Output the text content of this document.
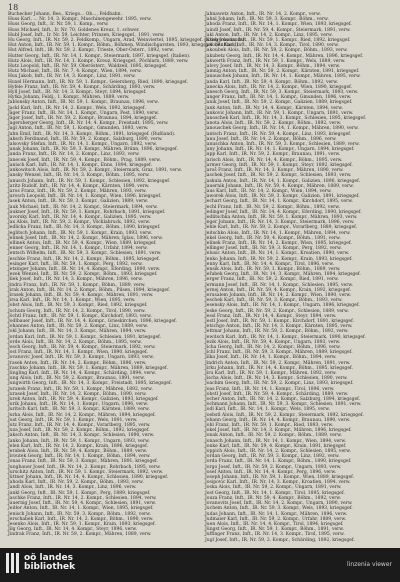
18
Buchecker Johann, Bes., Kriegs... Ob..., Feldbahn.
Huss Karl, ... Nr. 14, 3. Kompr., Maschinengewehr. 1895, verw.
Huss Georg, Inft., Ir. Nr. 59, 1. Komp., verw.
Huss Michael, Inft., Ir. Nr. 70, Goldenes Kreuz, 1. schwer.
Hubl Josef, Inft., Ir. Nr. 59, Leichter, Prinzen, Kriegsgef., 1891, verw.
Hu Georg, Inft., IR. Nr. 59, 2. Feldkomp., Ungarn, Arad, Weinviertel, 1895, kriegsgef. (Kriegsrusslands).
Hut Anton, Inft., IR. Nr. 59, 1. Kompr., Böhm., Böhmen, Windischgarsten, 1893, kriegsgef. (Rußland).
Hut Alfred, Inft., IR. Nr. 59, 2. Kompr., Trieste, Ober-Österr., 1892, verw.
Hutter Georg, Inft., IR. Nr. 14, 1. Kompr., Steiermark, 1897, kriegsgef. (Italien).
Hutz Alois, Inft., IR. Nr. 14, 1. Kompr., Kreuz, Kriegsgef., Pöchlarn, 1889, verw.
Hutz Leopold, Inft., IR. Nr. 59, Oberösterr., Waldzell, 1895, kriegsgef.
Hutz Michael, Inft., IR. Nr. 7, 4. Kompr., Wien, 1894, verw.
Hux Jakob, Inft., IR. Nr. 14, 3. Kompr., Linz, 1891, verw.
Huxel Hermann, Inft., IR. Nr. 59, 1. Kompr., Geiersberg, Ried, 1890, kriegsgef.
Hyfele Franz, Inft., IR. Nr. 59, 4. Kompr., Schärding, 1893, verw.
Hyll Josef, Inft., IR. Nr. 14, 3. Kompr., Steyr, 1894, kriegsgef.
Hytka Johann, Feldj., 1. Kompr., Mähren, 1889, verw.
Jablonsky Anton, Inft., IR. Nr. 59, 1. Kompr., Braunau, 1896, verw.
Jackl Karl, Inft., IR. Nr. 14, 2. Kompr., Wels, 1892, kriegsgef.
Jäger Franz, Inft., IR. Nr. 14, 1. Kompr., Ungarn, Pest, 1890, verw.
Jäger Josef, Inft., IR. Nr. 59, 2. Kompr., Braunau, 1894, kriegsgef.
Jagersberger Georg, Inft., IR. Nr. 14, 4. Kompr., Freistadt, 1895, verw.
Jagl Anton, Inft., IR. Nr. 59, 1. Kompr., Gmunden, 1893, verw.
Jahn Emil, Inft., IR. Nr. 14, 3. Kompr., Böhm., 1891, kriegsgef. (Rußland).
Jaksch Ferdinand, Inft., IR. Nr. 59, 2. Kompr., Salzburg, 1890, verw.
Jalsovsky Stefan, Inft., IR. Nr. 14, 1. Kompr., Ungarn, 1892, verw.
Janak Johann, Inft., IR. Nr. 59, 3. Kompr., Mähren, Brünn, 1896, kriegsgef.
Janda Franz, Inft., IR. Nr. 14, 2. Kompr., Linz, 1893, verw.
Janecek Josef, Inft., IR. Nr. 59, 4. Kompr., Böhm., Prag, 1889, verw.
Janisch Karl, Inft., IR. Nr. 14, 1. Kompr., Enns, 1894, kriegsgef.
Jankowitsch Alois, Inft., IR. Nr. 59, 2. Kompr., Steiermark, Graz, 1891, verw.
Jansky Wenzel, Inft., IR. Nr. 14, 3. Kompr., Böhm., 1895, verw.
Janusch Johann, Inft., IR. Nr. 59, 1. Kompr., Schlesien, 1892, kriegsgef.
Jaritz Rudolf, Inft., IR. Nr. 14, 4. Kompr., Kärnten, 1890, verw.
Jaros Franz, Inft., IR. Nr. 59, 2. Kompr., Mähren, 1893, verw.
Jarosch Leopold, Inft., IR. Nr. 14, 1. Kompr., Wien, 1896, kriegsgef.
Jasek Anton, Inft., IR. Nr. 59, 3. Kompr., Galizien, 1889, verw.
Jauk Michael, Inft., IR. Nr. 14, 2. Kompr., Steiermark, 1894, verw.
Jaukner Josef, Inft., IR. Nr. 59, 1. Kompr., Rohrbach, 1891, kriegsgef.
Javorsky Karl, Inft., IR. Nr. 14, 4. Kompr., Galizien, 1895, verw.
Jax Alois, Inft., IR. Nr. 59, 2. Kompr., Vöcklabruck, 1892, verw.
Jedlicka Franz, Inft., IR. Nr. 14, 3. Kompr., Böhm., 1890, kriegsgef.
Jeglitsch Johann, Inft., IR. Nr. 59, 1. Kompr., Krain, 1893, verw.
Jelinek Josef, Inft., IR. Nr. 14, 2. Kompr., Mähren, Iglau, 1896, verw.
Jellinek Anton, Inft., IR. Nr. 59, 4. Kompr., Wien, 1889, kriegsgef.
Jenner Georg, Inft., IR. Nr. 14, 1. Kompr., Urfahr, 1894, verw.
Jentsch Wilhelm, Inft., IR. Nr. 59, 3. Kompr., Schlesien, 1891, verw.
Jeschke Franz, Inft., IR. Nr. 14, 2. Kompr., Böhm., 1895, kriegsgef.
Jesinger Karl, Inft., IR. Nr. 59, 1. Kompr., Perg, 1892, verw.
Jetzinger Johann, Inft., IR. Nr. 14, 4. Kompr., Eferding, 1890, verw.
Jezek Wenzel, Inft., IR. Nr. 59, 2. Kompr., Böhm., 1893, kriegsgef.
Jilek Josef, Inft., IR. Nr. 14, 3. Kompr., Mähren, 1896, verw.
Jindra Franz, Inft., IR. Nr. 59, 1. Kompr., Böhm., 1889, verw.
Jirak Anton, Inft., IR. Nr. 14, 2. Kompr., Böhm., Pilsen, 1894, kriegsgef.
Jirasek Johann, Inft., IR. Nr. 59, 4. Kompr., Mähren, 1891, verw.
Jirsa Karl, Inft., IR. Nr. 14, 1. Kompr., Wien, 1895, verw.
Jobst Alois, Inft., IR. Nr. 59, 3. Kompr., Ried, 1892, kriegsgef.
Jochum Georg, Inft., IR. Nr. 14, 2. Kompr., Tirol, 1890, verw.
Jöchtl Franz, Inft., IR. Nr. 59, 1. Kompr., Kirchdorf, 1893, verw.
Jodlbauer Josef, Inft., IR. Nr. 14, 4. Kompr., Grieskirchen, 1896, kriegsgef.
Johannes Anton, Inft., IR. Nr. 59, 2. Kompr., Linz, 1889, verw.
Jokl Johann, Inft., IR. Nr. 14, 3. Kompr., Mähren, 1894, verw.
Jordan Karl, Inft., IR. Nr. 59, 1. Kompr., Schlesien, 1891, kriegsgef.
Jorde Alois, Inft., IR. Nr. 14, 2. Kompr., Böhm., 1895, verw.
Josch Georg, Inft., IR. Nr. 59, 4. Kompr., Steiermark, 1892, verw.
Jost Franz, Inft., IR. Nr. 14, 1. Kompr., Wien, 1890, kriegsgef.
Jovanovic Josef, Inft., IR. Nr. 59, 3. Kompr., Ungarn, 1893, verw.
Jrasek Anton, Inft., IR. Nr. 14, 2. Kompr., Böhm., 1896, verw.
Jraschko Johann, Inft., IR. Nr. 59, 1. Kompr., Mähren, 1889, kriegsgef.
Jüngling Karl, Inft., IR. Nr. 14, 4. Kompr., Schärding, 1894, verw.
Jung Alois, Inft., IR. Nr. 59, 2. Kompr., Braunau, 1891, verw.
Jungwirth Georg, Inft., IR. Nr. 14, 3. Kompr., Freistadt, 1895, kriegsgef.
Juranek Franz, Inft., IR. Nr. 59, 1. Kompr., Mähren, 1892, verw.
Jurasek Josef, Inft., IR. Nr. 14, 2. Kompr., Böhm., 1890, verw.
Jurek Anton, Inft., IR. Nr. 59, 4. Kompr., Galizien, 1893, kriegsgef.
Jurik Johann, Inft., IR. Nr. 14, 1. Kompr., Ungarn, 1896, verw.
Juritsch Karl, Inft., IR. Nr. 59, 3. Kompr., Kärnten, 1889, verw.
Jurka Alois, Inft., IR. Nr. 14, 2. Kompr., Mähren, 1894, kriegsgef.
Just Georg, Inft., IR. Nr. 59, 1. Kompr., Wels, 1891, verw.
Jutz Franz, Inft., IR. Nr. 14, 4. Kompr., Vorarlberg, 1895, verw.
Juza Josef, Inft., IR. Nr. 59, 2. Kompr., Böhm., 1892, kriegsgef.
Jaksch Anton, Inft., IR. Nr. 14, 3. Kompr., Schlesien, 1890, verw.
Janko Johann, Inft., IR. Nr. 59, 1. Kompr., Ungarn, 1893, verw.
Jelen Karl, Inft., IR. Nr. 14, 2. Kompr., Krain, 1896, kriegsgef.
Jerabek Alois, Inft., IR. Nr. 59, 4. Kompr., Böhm., 1889, verw.
Jiroutek Georg, Inft., IR. Nr. 14, 1. Kompr., Böhm., 1894, verw.
Jonas Franz, Inft., IR. Nr. 59, 3. Kompr., Mähren, 1891, kriegsgef.
Jungbauer Josef, Inft., IR. Nr. 14, 2. Kompr., Rohrbach, 1895, verw.
Jurschitz Anton, Inft., IR. Nr. 59, 1. Kompr., Steiermark, 1892, verw.
Jüttner Johann, Inft., IR. Nr. 14, 4. Kompr., Schlesien, 1890, kriegsgef.
Jahoda Karl, Inft., IR. Nr. 59, 2. Kompr., Böhm., 1893, verw.
Jandl Alois, Inft., IR. Nr. 14, 3. Kompr., Linz, 1896, verw.
Jankl Georg, Inft., IR. Nr. 59, 1. Kompr., Perg, 1889, kriegsgef.
Jaschke Franz, Inft., IR. Nr. 14, 2. Kompr., Schlesien, 1894, verw.
Jauernig Josef, Inft., IR. Nr. 59, 4. Kompr., Schlesien, 1891, verw.
Jeitler Anton, Inft., IR. Nr. 14, 1. Kompr., Wien, 1895, kriegsgef.
Jenisch Johann, Inft., IR. Nr. 59, 3. Kompr., Böhm., 1892, verw.
Jerschabek Karl, Inft., IR. Nr. 14, 2. Kompr., Böhm., 1890, verw.
Jesenko Alois, Inft., IR. Nr. 59, 1. Kompr., Krain, 1893, kriegsgef.
Jilg Georg, Inft., IR. Nr. 14, 4. Kompr., Steyr, 1896, verw.
Jindrak Franz, Inft., IR. Nr. 59, 2. Kompr., Mähren, 1889, verw.
Jahnawetz Anton, Inft., IR. Nr. 14, 2. Kompr., verw.
Jahnl Johann, Inft., IR. Nr. 59, 3. Kompr., Böhm., verw.
Jahoda Franz, Inft., IR. Nr. 14, 1. Kompr., Wien, 1893, kriegsgef.
Jaindl Josef, Inft., IR. Nr. 59, 4. Kompr., Steiermark, 1891, verw.
Jakl Anton, Inft., IR. Nr. 14, 2. Kompr., Linz, 1895, verw.
Jakob Johann, Inft., IR. Nr. 59, 1. Kompr., Ried, 1892, kriegsgef.
Jakober Karl, Inft., IR. Nr. 14, 3. Kompr., Tirol, 1890, verw.
Jakoubek Alois, Inft., IR. Nr. 59, 2. Kompr., Böhm., 1893, verw.
Jakubetz Georg, Inft., IR. Nr. 14, 4. Kompr., Mähren, 1896, kriegsgef.
Jakwerth Franz, Inft., IR. Nr. 59, 1. Kompr., Wels, 1889, verw.
Jalovy Josef, Inft., IR. Nr. 14, 3. Kompr., Böhm., 1894, verw.
Jamnig Anton, Inft., IR. Nr. 59, 2. Kompr., Kärnten, 1891, kriegsgef.
Janauschek Johann, Inft., IR. Nr. 14, 1. Kompr., Mähren, 1895, verw.
Janda Karl, Inft., IR. Nr. 59, 4. Kompr., Böhm., 1892, verw.
Janecka Alois, Inft., IR. Nr. 14, 2. Kompr., Wien, 1890, kriegsgef.
Janesch Georg, Inft., IR. Nr. 59, 3. Kompr., Steiermark, 1893, verw.
Janger Franz, Inft., IR. Nr. 14, 1. Kompr., Gmunden, 1896, verw.
Janik Josef, Inft., IR. Nr. 59, 2. Kompr., Galizien, 1889, kriegsgef.
Jank Anton, Inft., IR. Nr. 14, 4. Kompr., Kärnten, 1894, verw.
Jankovic Johann, Inft., IR. Nr. 59, 1. Kompr., Ungarn, 1891, verw.
Janoschek Karl, Inft., IR. Nr. 14, 3. Kompr., Schlesien, 1895, kriegsgef.
Janota Alois, Inft., IR. Nr. 59, 2. Kompr., Böhm., 1892, verw.
Janouschek Georg, Inft., IR. Nr. 14, 1. Kompr., Mähren, 1890, verw.
Jantsch Franz, Inft., IR. Nr. 59, 4. Kompr., Linz, 1893, kriegsgef.
Janu Josef, Inft., IR. Nr. 14, 2. Kompr., Böhm., 1896, verw.
Januschka Anton, Inft., IR. Nr. 59, 3. Kompr., Schlesien, 1889, verw.
Jany Johann, Inft., IR. Nr. 14, 1. Kompr., Ungarn, 1894, kriegsgef.
Japp Karl, Inft., IR. Nr. 59, 2. Kompr., Braunau, 1891, verw.
Jarisch Alois, Inft., IR. Nr. 14, 4. Kompr., Böhm., 1895, verw.
Jarmer Georg, Inft., IR. Nr. 59, 1. Kompr., Steyr, 1892, kriegsgef.
Jaroš Franz, Inft., IR. Nr. 14, 3. Kompr., Mähren, 1890, verw.
Jaschek Josef, Inft., IR. Nr. 59, 2. Kompr., Schlesien, 1893, verw.
Jaskula Anton, Inft., IR. Nr. 14, 1. Kompr., Galizien, 1896, kriegsgef.
Jauernik Johann, Inft., IR. Nr. 59, 4. Kompr., Mähren, 1889, verw.
Jaus Karl, Inft., IR. Nr. 14, 2. Kompr., Wien, 1894, verw.
Jaworek Alois, Inft., IR. Nr. 59, 3. Kompr., Galizien, 1891, kriegsgef.
Jechart Georg, Inft., IR. Nr. 14, 1. Kompr., Kirchdorf, 1895, verw.
Jechl Franz, Inft., IR. Nr. 59, 2. Kompr., Böhm., 1892, verw.
Jedinger Josef, Inft., IR. Nr. 14, 4. Kompr., Eferding, 1890, kriegsgef.
Jedlitschka Anton, Inft., IR. Nr. 59, 1. Kompr., Mähren, 1893, verw.
Jeger Johann, Inft., IR. Nr. 14, 3. Kompr., Steiermark, 1896, verw.
Jehle Karl, Inft., IR. Nr. 59, 2. Kompr., Vorarlberg, 1889, kriegsgef.
Jeitschko Alois, Inft., IR. Nr. 14, 1. Kompr., Mähren, 1894, verw.
Jekel Georg, Inft., IR. Nr. 59, 4. Kompr., Böhm., 1891, verw.
Jelinek Franz, Inft., IR. Nr. 14, 2. Kompr., Wien, 1895, kriegsgef.
Jellinger Josef, Inft., IR. Nr. 59, 3. Kompr., Perg, 1892, verw.
Jelusic Anton, Inft., IR. Nr. 14, 1. Kompr., Kroatien, 1890, verw.
Jenko Johann, Inft., IR. Nr. 59, 2. Kompr., Krain, 1893, kriegsgef.
Jenny Karl, Inft., IR. Nr. 14, 4. Kompr., Tirol, 1896, verw.
Jensik Alois, Inft., IR. Nr. 59, 1. Kompr., Böhm., 1889, verw.
Jeřabek Georg, Inft., IR. Nr. 14, 3. Kompr., Mähren, 1894, kriegsgef.
Jerger Franz, Inft., IR. Nr. 59, 2. Kompr., Ried, 1891, verw.
Jermann Josef, Inft., IR. Nr. 14, 1. Kompr., Schlesien, 1895, verw.
Jernej Anton, Inft., IR. Nr. 59, 4. Kompr., Krain, 1892, kriegsgef.
Jerusalem Johann, Inft., IR. Nr. 14, 2. Kompr., Wien, 1890, verw.
Jeschek Karl, Inft., IR. Nr. 59, 3. Kompr., Böhm., 1893, verw.
Jesensky Alois, Inft., IR. Nr. 14, 1. Kompr., Ungarn, 1896, kriegsgef.
Jeske Georg, Inft., IR. Nr. 59, 2. Kompr., Schlesien, 1889, verw.
Jessl Franz, Inft., IR. Nr. 14, 4. Kompr., Steyr, 1894, verw.
Jestl Josef, Inft., IR. Nr. 59, 1. Kompr., Kirchdorf, 1891, kriegsgef.
Jetschgo Anton, Inft., IR. Nr. 14, 3. Kompr., Kärnten, 1895, verw.
Jettmar Johann, Inft., IR. Nr. 59, 2. Kompr., Böhm., 1892, verw.
Jewitsch Karl, Inft., IR. Nr. 14, 1. Kompr., Steiermark, 1890, kriegsgef.
Jezik Alois, Inft., IR. Nr. 59, 4. Kompr., Ungarn, 1893, verw.
Jicha Georg, Inft., IR. Nr. 14, 2. Kompr., Böhm., 1896, verw.
Jichl Franz, Inft., IR. Nr. 59, 3. Kompr., Mähren, 1889, kriegsgef.
Jilka Josef, Inft., IR. Nr. 14, 1. Kompr., Böhm., 1894, verw.
Jindrich Anton, Inft., IR. Nr. 59, 2. Kompr., Mähren, 1891, verw.
Jirku Johann, Inft., IR. Nr. 14, 4. Kompr., Böhm., 1895, kriegsgef.
Jiru Karl, Inft., IR. Nr. 59, 1. Kompr., Mähren, 1892, verw.
Jischa Alois, Inft., IR. Nr. 14, 3. Kompr., Schlesien, 1890, verw.
Joachim Georg, Inft., IR. Nr. 59, 2. Kompr., Linz, 1893, kriegsgef.
Joas Franz, Inft., IR. Nr. 14, 1. Kompr., Tirol, 1896, verw.
Jobstl Josef, Inft., IR. Nr. 59, 4. Kompr., Schärding, 1889, verw.
Jocher Anton, Inft., IR. Nr. 14, 2. Kompr., Salzburg, 1894, kriegsgef.
Jochmann Johann, Inft., IR. Nr. 59, 3. Kompr., Schlesien, 1891, verw.
Jodl Karl, Inft., IR. Nr. 14, 1. Kompr., Wels, 1895, verw.
Joebstl Alois, Inft., IR. Nr. 59, 2. Kompr., Steiermark, 1892, kriegsgef.
Johann Georg, Inft., IR. Nr. 14, 4. Kompr., Braunau, 1890, verw.
Johl Franz, Inft., IR. Nr. 59, 1. Kompr., Ried, 1893, verw.
Jokel Josef, Inft., IR. Nr. 14, 3. Kompr., Mähren, 1896, kriegsgef.
Jonak Anton, Inft., IR. Nr. 59, 2. Kompr., Böhm., 1889, verw.
Jonasch Johann, Inft., IR. Nr. 14, 1. Kompr., Wien, 1894, verw.
Jonke Karl, Inft., IR. Nr. 59, 4. Kompr., Krain, 1891, kriegsgef.
Joppich Alois, Inft., IR. Nr. 14, 2. Kompr., Schlesien, 1895, verw.
Jordan Georg, Inft., IR. Nr. 59, 3. Kompr., Linz, 1892, verw.
Jorda Franz, Inft., IR. Nr. 14, 1. Kompr., Böhm., 1890, kriegsgef.
Jorgo Josef, Inft., IR. Nr. 59, 2. Kompr., Ungarn, 1893, verw.
Josef Anton, Inft., IR. Nr. 14, 4. Kompr., Perg, 1896, verw.
Joseph Johann, Inft., IR. Nr. 59, 1. Kompr., Wien, 1889, kriegsgef.
Josipovic Karl, Inft., IR. Nr. 14, 3. Kompr., Kroatien, 1894, verw.
Joska Alois, Inft., IR. Nr. 59, 2. Kompr., Ungarn, 1891, verw.
Jost Georg, Inft., IR. Nr. 14, 1. Kompr., Tirol, 1895, kriegsgef.
Jouza Franz, Inft., IR. Nr. 59, 4. Kompr., Böhm., 1892, verw.
Jovanovits Josef, Inft., IR. Nr. 14, 2. Kompr., Ungarn, 1890, verw.
Juchem Anton, Inft., IR. Nr. 59, 3. Kompr., Wels, 1893, kriegsgef.
Judas Johann, Inft., IR. Nr. 14, 1. Kompr., Mähren, 1896, verw.
Judmaier Karl, Inft., IR. Nr. 59, 2. Kompr., Urfahr, 1889, verw.
Juen Alois, Inft., IR. Nr. 14, 4. Kompr., Tirol, 1894, kriegsgef.
Jüngst Georg, Inft., IR. Nr. 59, 1. Kompr., Böhm., 1891, verw.
Juffinger Franz, Inft., IR. Nr. 14, 3. Kompr., Tirol, 1895, verw.
Jugl Josef, Inft., IR. Nr. 59, 2. Kompr., Schärding, 1892, kriegsgef.
oö landes
bibliothek	linzenia viewer
